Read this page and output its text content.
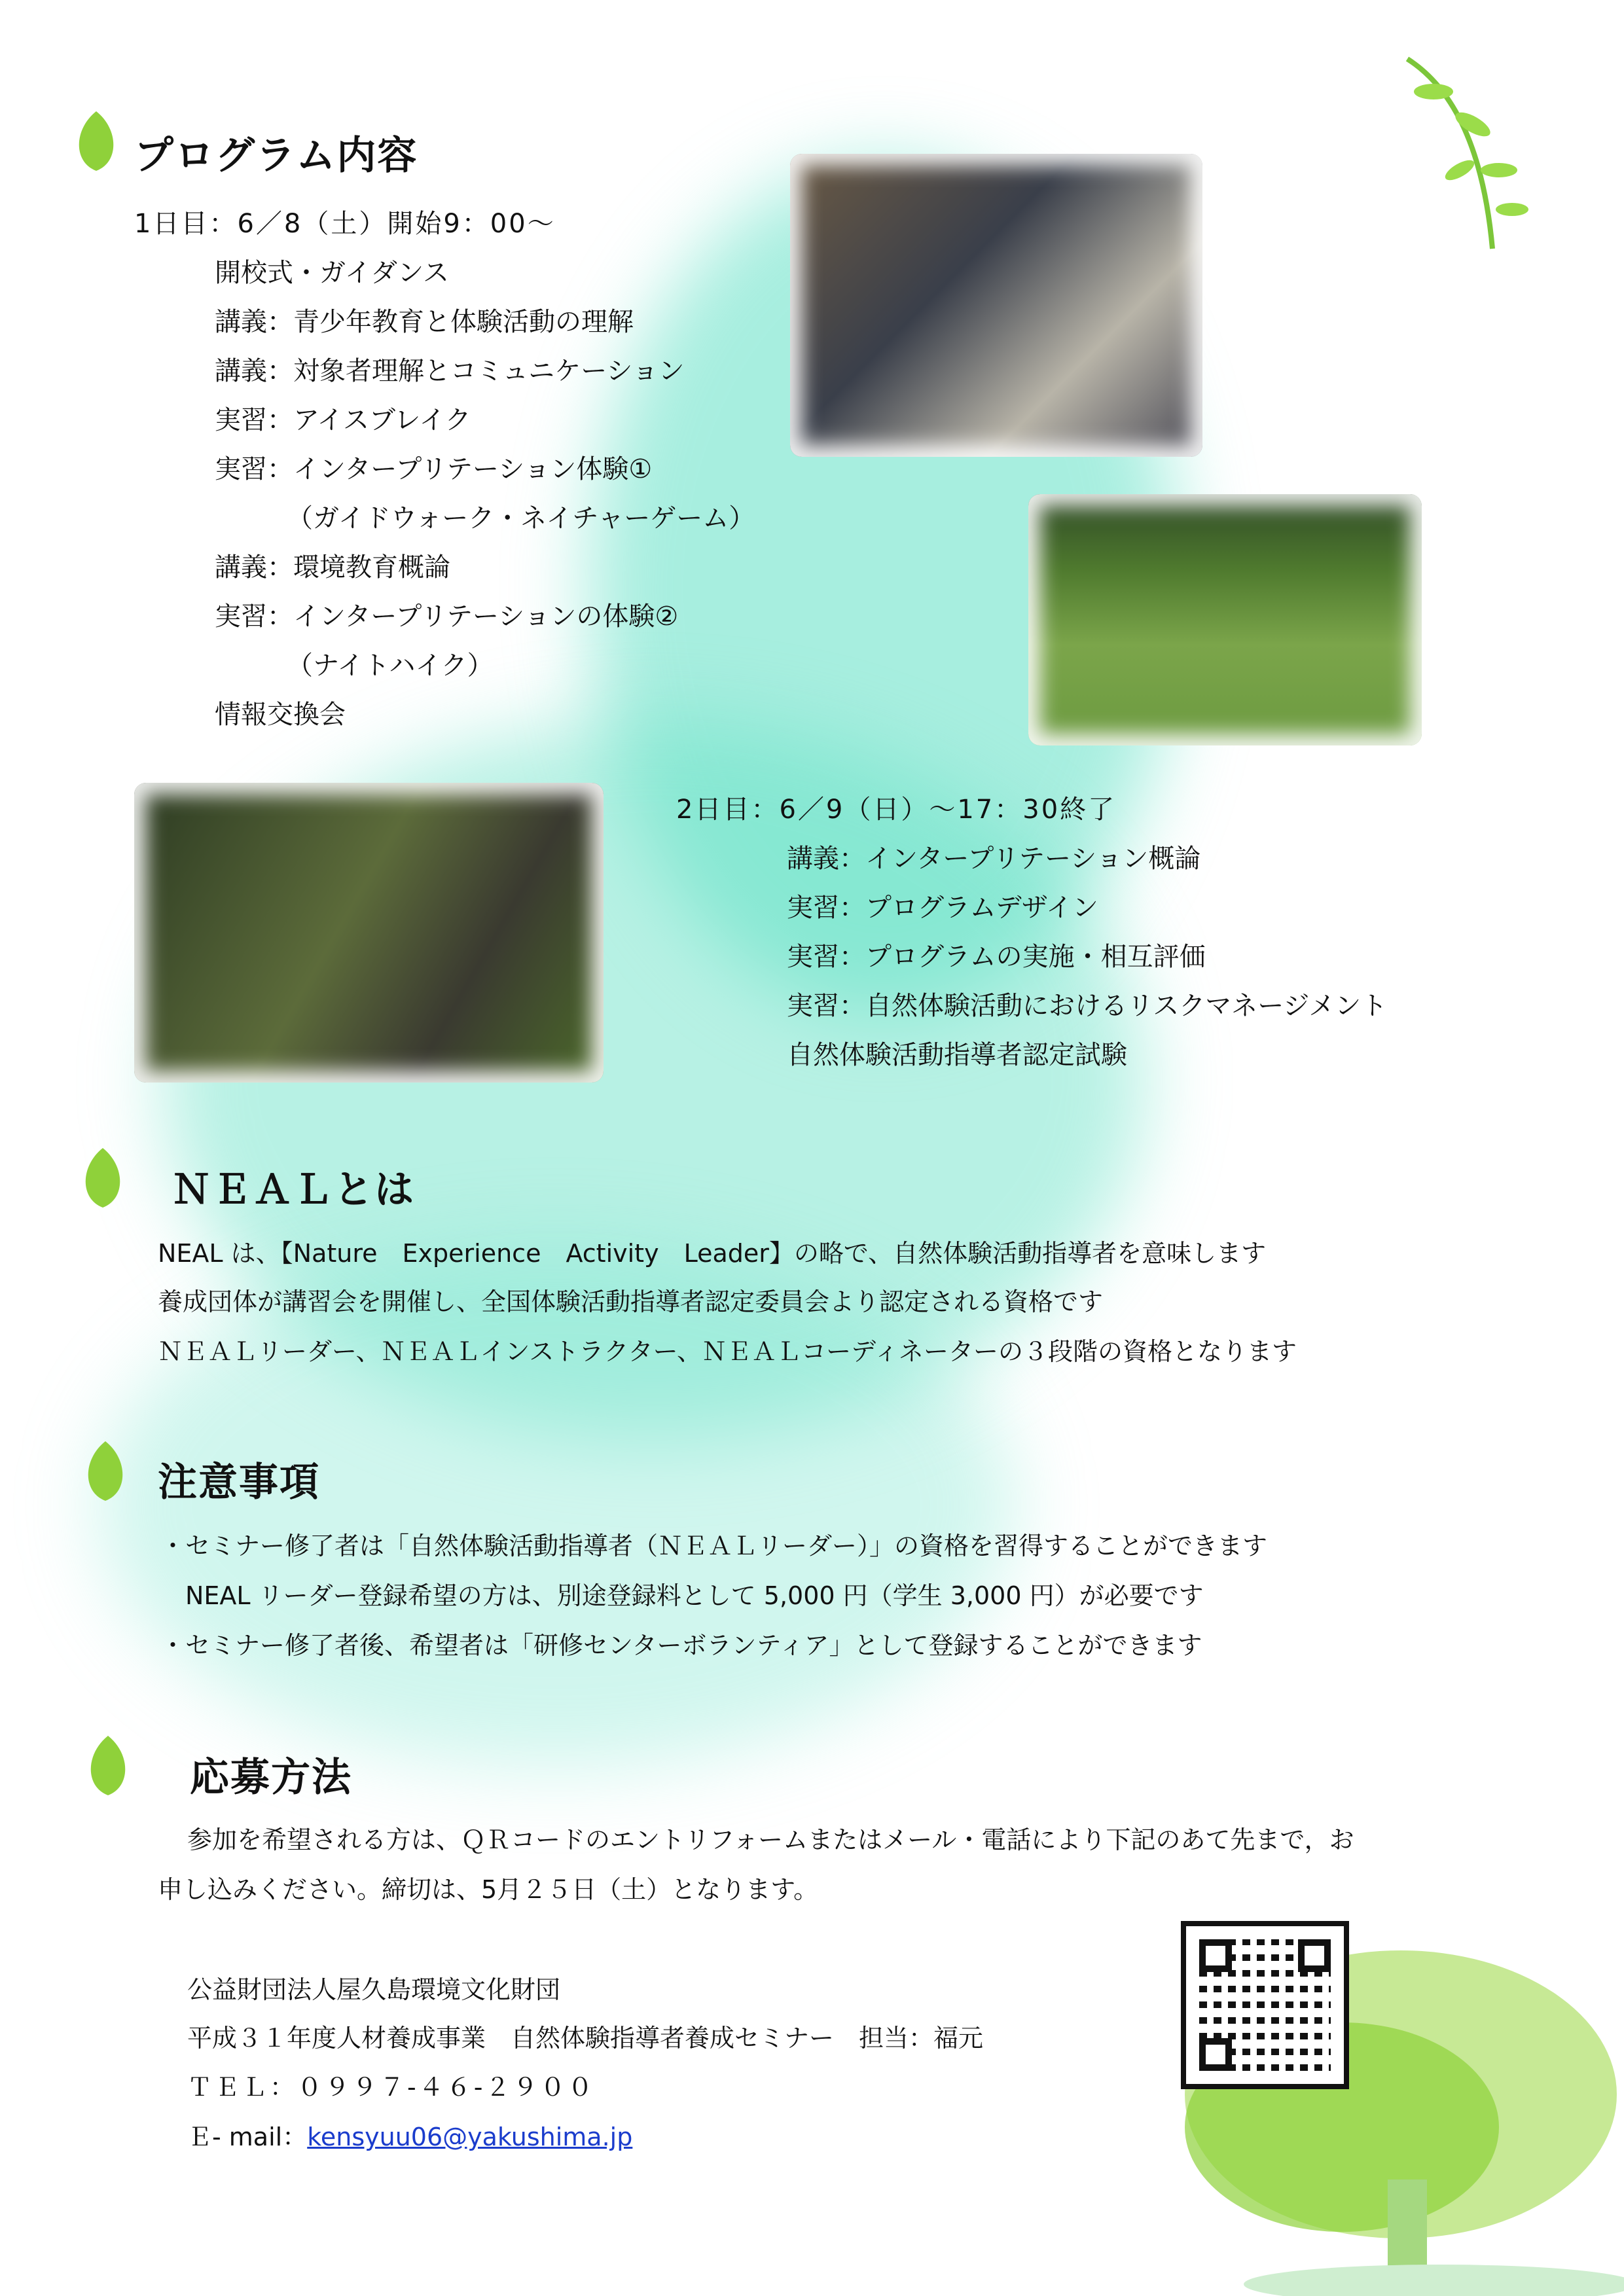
プログラム内容
1日目：6／8（土）開始9：00～
開校式・ガイダンス
講義：青少年教育と体験活動の理解
講義：対象者理解とコミュニケーション
実習：アイスブレイク
実習：インタープリテーション体験①
（ガイドウォーク・ネイチャーゲーム）
講義：環境教育概論
実習：インタープリテーションの体験②
（ナイトハイク）
情報交換会
2日目：6／9（日）～17：30終了
講義：インタープリテーション概論
実習：プログラムデザイン
実習：プログラムの実施・相互評価
実習：自然体験活動におけるリスクマネージメント
自然体験活動指導者認定試験
ＮＥＡＬとは
NEAL は、【Nature　Experience　Activity　Leader】の略で、自然体験活動指導者を意味します
養成団体が講習会を開催し、全国体験活動指導者認定委員会より認定される資格です
ＮＥＡＬリーダー、ＮＥＡＬインストラクター、ＮＥＡＬコーディネーターの３段階の資格となります
注意事項
・セミナー修了者は「自然体験活動指導者（ＮＥＡＬリーダー）」の資格を習得することができます
　NEAL リーダー登録希望の方は、別途登録料として 5,000 円（学生 3,000 円）が必要です
・セミナー修了者後、希望者は「研修センターボランティア」として登録することができます
応募方法
参加を希望される方は、ＱＲコードのエントリフォームまたはメール・電話により下記のあて先まで，お
申し込みください。締切は、5月２５日（土）となります。
公益財団法人屋久島環境文化財団
平成３１年度人材養成事業　自然体験指導者養成セミナー　担当：福元
ＴＥＬ：０９９７-４６-２９００
Ｅ- mail：kensyuu06@yakushima.jp
